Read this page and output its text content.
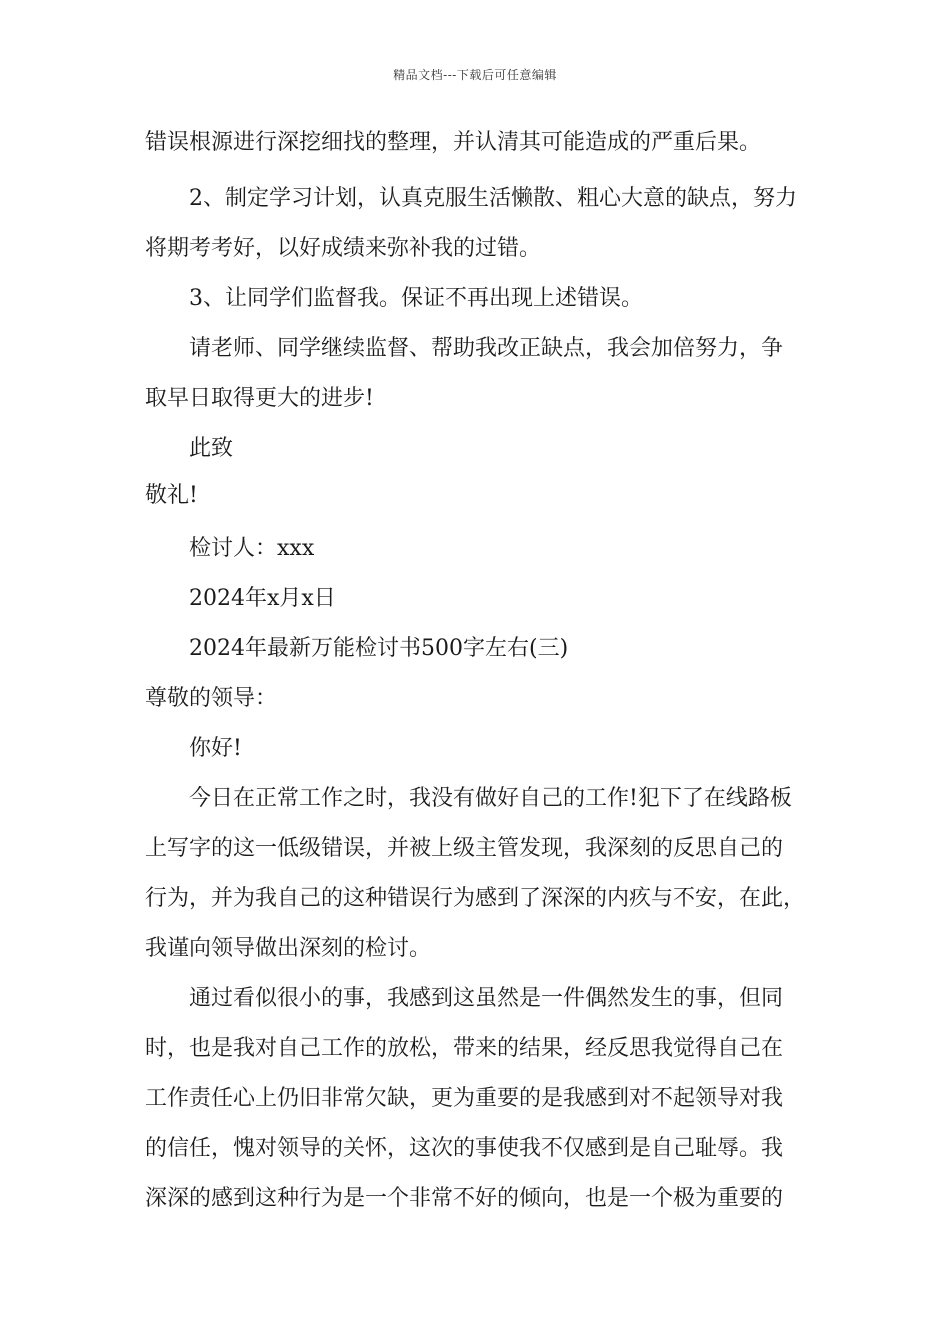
精品文档---下载后可任意编辑
错误根源进行深挖细找的整理，并认清其可能造成的严重后果。
2、制定学习计划，认真克服生活懒散、粗心大意的缺点，努力
将期考考好，以好成绩来弥补我的过错。
3、让同学们监督我。保证不再出现上述错误。
请老师、同学继续监督、帮助我改正缺点，我会加倍努力，争
取早日取得更大的进步!
此致
敬礼!
检讨人：xxx
2024年x月x日
2024年最新万能检讨书500字左右(三)
尊敬的领导：
你好!
今日在正常工作之时，我没有做好自己的工作!犯下了在线路板
上写字的这一低级错误，并被上级主管发现，我深刻的反思自己的
行为，并为我自己的这种错误行为感到了深深的内疚与不安，在此，
我谨向领导做出深刻的检讨。
通过看似很小的事，我感到这虽然是一件偶然发生的事，但同
时，也是我对自己工作的放松，带来的结果，经反思我觉得自己在
工作责任心上仍旧非常欠缺，更为重要的是我感到对不起领导对我
的信任，愧对领导的关怀，这次的事使我不仅感到是自己耻辱。我
深深的感到这种行为是一个非常不好的倾向，也是一个极为重要的
